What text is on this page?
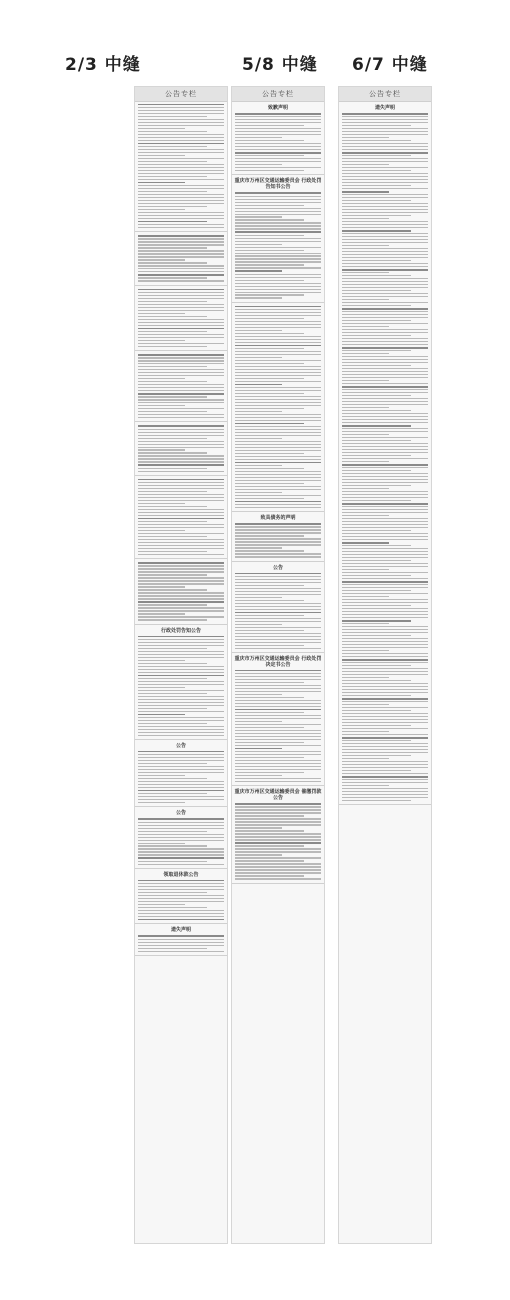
2/3 中缝	5/8 中缝 6/7 中缝
公告专栏
行政处罚告知公告
公告
公告
领取退休款公告
遗失声明
公告专栏
致歉声明
重庆市万州区交通运输委员会 行政处罚告知书公告
致具债务的声明
公告
重庆市万州区交通运输委员会 行政处罚决定书公告
重庆市万州区交通运输委员会 催缴罚款公告
公告专栏
遗失声明
